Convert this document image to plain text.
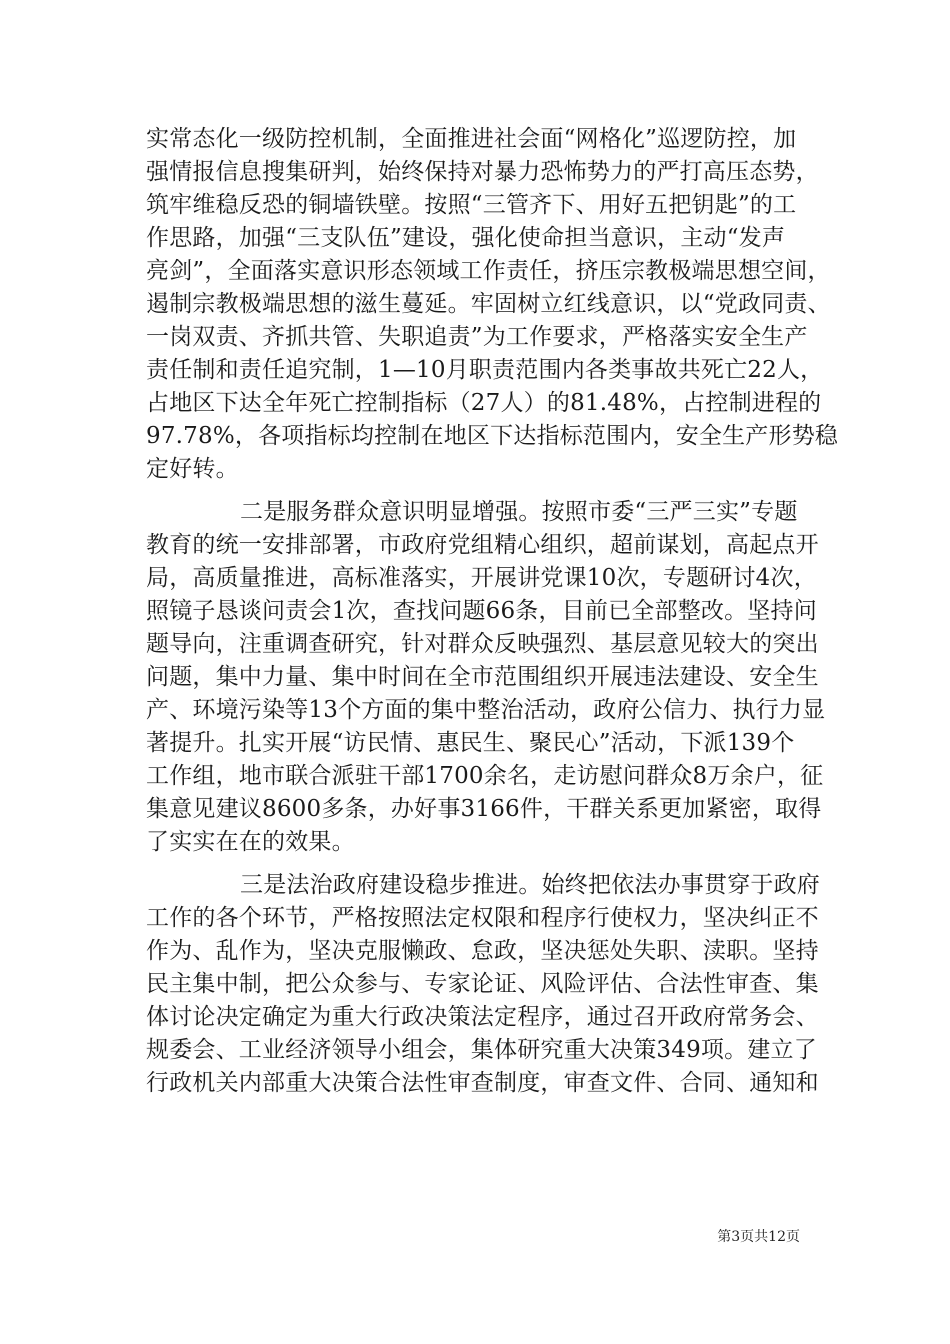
实常态化一级防控机制，全面推进社会面“网格化”巡逻防控，加
强情报信息搜集研判，始终保持对暴力恐怖势力的严打高压态势，
筑牢维稳反恐的铜墙铁壁。按照“三管齐下、用好五把钥匙”的工
作思路，加强“三支队伍”建设，强化使命担当意识，主动“发声
亮剑”，全面落实意识形态领域工作责任，挤压宗教极端思想空间，
遏制宗教极端思想的滋生蔓延。牢固树立红线意识，以“党政同责、
一岗双责、齐抓共管、失职追责”为工作要求，严格落实安全生产
责任制和责任追究制，1—10月职责范围内各类事故共死亡22人，
占地区下达全年死亡控制指标（27人）的81.48%，占控制进程的
97.78%，各项指标均控制在地区下达指标范围内，安全生产形势稳
定好转。
二是服务群众意识明显增强。按照市委“三严三实”专题
教育的统一安排部署，市政府党组精心组织，超前谋划，高起点开
局，高质量推进，高标准落实，开展讲党课10次，专题研讨4次，
照镜子恳谈问责会1次，查找问题66条，目前已全部整改。坚持问
题导向，注重调查研究，针对群众反映强烈、基层意见较大的突出
问题，集中力量、集中时间在全市范围组织开展违法建设、安全生
产、环境污染等13个方面的集中整治活动，政府公信力、执行力显
著提升。扎实开展“访民情、惠民生、聚民心”活动，下派139个
工作组，地市联合派驻干部1700余名，走访慰问群众8万余户，征
集意见建议8600多条，办好事3166件，干群关系更加紧密，取得
了实实在在的效果。
三是法治政府建设稳步推进。始终把依法办事贯穿于政府
工作的各个环节，严格按照法定权限和程序行使权力，坚决纠正不
作为、乱作为，坚决克服懒政、怠政，坚决惩处失职、渎职。坚持
民主集中制，把公众参与、专家论证、风险评估、合法性审查、集
体讨论决定确定为重大行政决策法定程序，通过召开政府常务会、
规委会、工业经济领导小组会，集体研究重大决策349项。建立了
行政机关内部重大决策合法性审查制度，审查文件、合同、通知和
第3页共12页
